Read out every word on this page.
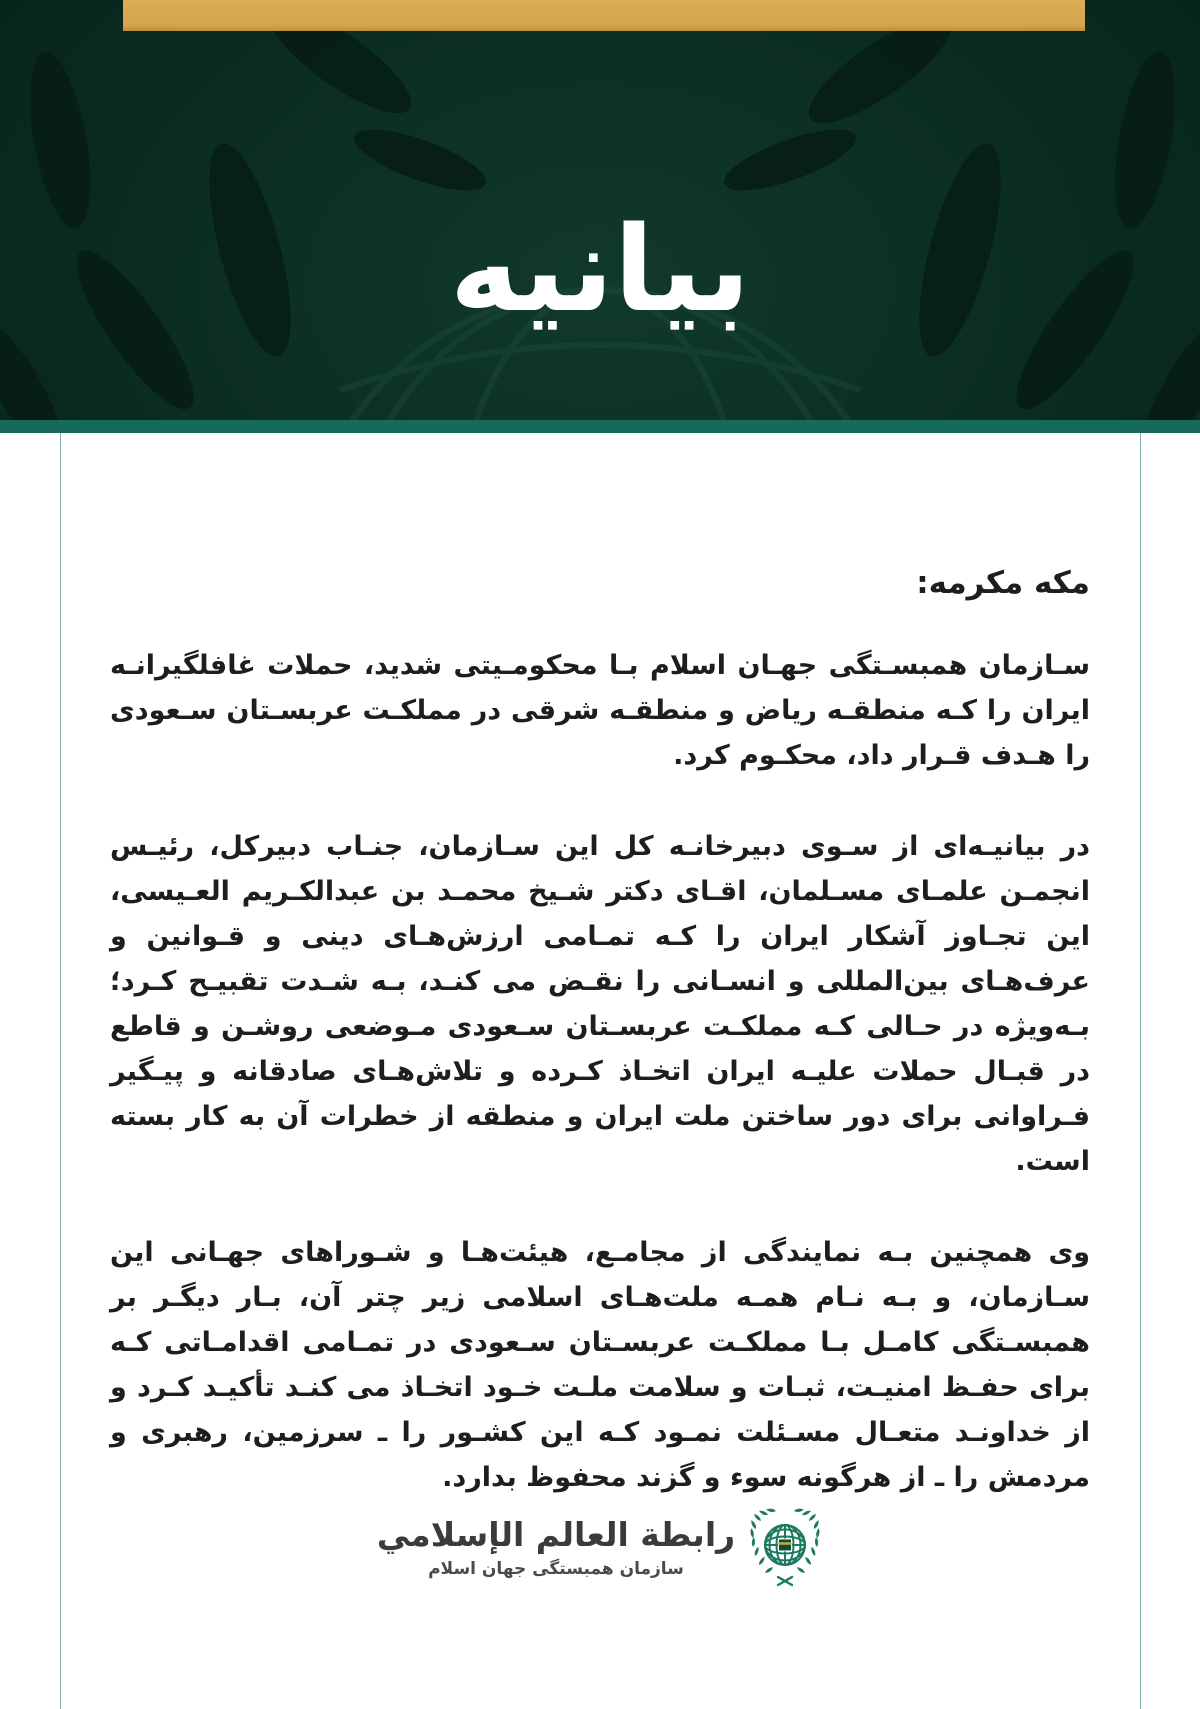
بیانیه
مکه مکرمه:

سـازمان همبسـتگی جهـان اسلام بـا محکومـیتی شدید، حملات غافلگیرانـه ایران را کـه منطقـه ریاض و منطقـه شرقی در مملکـت عربسـتان سـعودی را هـدف قـرار داد، محکـوم کرد.

در بیانیـه‌ای از سـوی دبیرخانـه کل این سـازمان، جنـاب دبیرکل، رئیـس انجمـن علمـای مسـلمان، اقـای دکتر شـیخ محمـد بن عبدالکـریم العـیسی، این تجـاوز آشکار ایران را کـه تمـامی ارزش‌هـای دینی و قـوانین و عرف‌هـای بین‌المللی و انسـانی را نقـض می کنـد، بـه شـدت تقبیـح کـرد؛ بـه‌ویژه در حـالی کـه مملکـت عربسـتان سـعودی مـوضعی روشـن و قاطع در قبـال حملات علیـه ایران اتخـاذ کـرده و تلاش‌هـای صادقانه و پیـگیر فـراوانی برای دور ساختن ملت ایران و منطقه از خطرات آن به کار بسته است.

وی همچنین بـه نمایندگی از مجامـع، هیئت‌هـا و شـوراهای جهـانی این سـازمان، و بـه نـام همـه ملت‌هـای اسلامی زیر چتر آن، بـار دیگـر بر همبسـتگی کامـل بـا مملکـت عربسـتان سـعودی در تمـامی اقدامـاتی کـه برای حفـظ امنیـت، ثبـات و سلامت ملـت خـود اتخـاذ می کنـد تأکیـد کـرد و از خداونـد متعـال مسـئلت نمـود کـه این کشـور را ـ سرزمین، رهبری و مردمش را ـ از هرگونه سوء و گزند محفوظ بدارد.

رابطة العالم الإسلامي
سازمان همبستگی جهان اسلام
